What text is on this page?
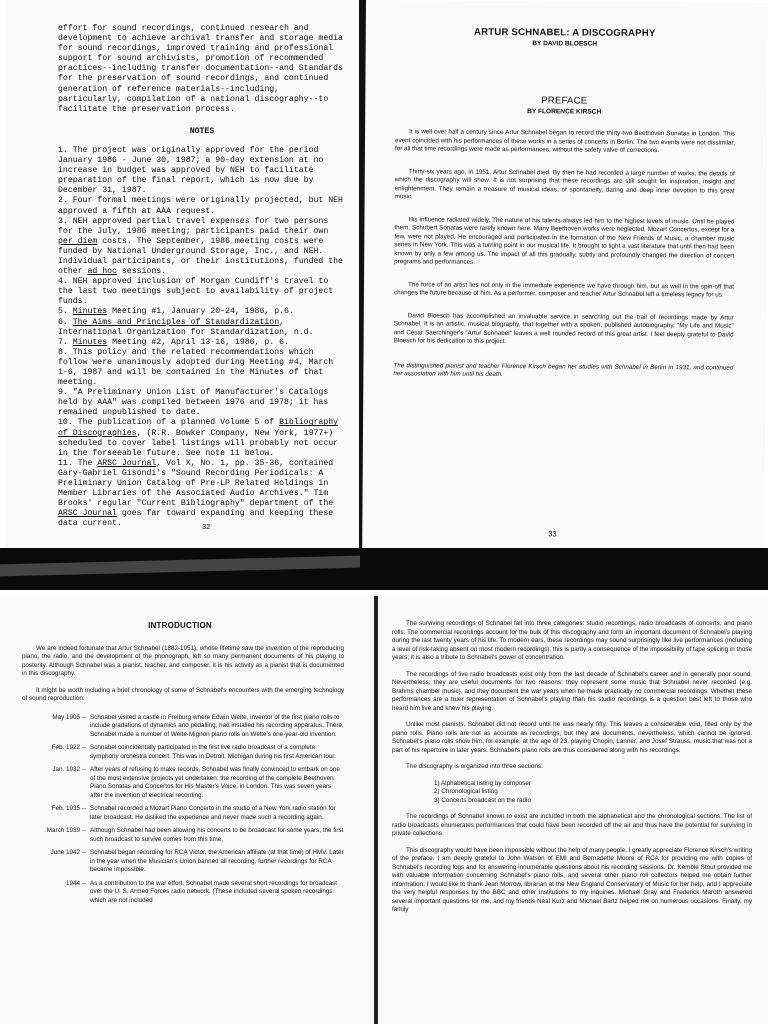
effort for sound recordings, continued research and development to achieve archival transfer and storage media for sound recordings, improved training and professional support for sound archivists, promotion of recommended practices--including transfer documentation--and Standards for the preservation of sound recordings, and continued generation of reference materials--including, particularly, compilation of a national discography--to facilitate the preservation process.

NOTES

1. The project was originally approved for the period January 1986 - June 30, 1987; a 90-day extension at no increase in budget was approved by NEH to facilitate preparation of the final report, which is now due by December 31, 1987.

2. Four formal meetings were originally projected, but NEH approved a fifth at AAA request.

3. NEH approved partial travel expenses for two persons for the July, 1986 meeting; participants paid their own per diem costs. The September, 1986 meeting costs were funded by National Underground Storage, Inc., and NEH. Individual participants, or their institutions, funded the other ad hoc sessions.

4. NEH approved inclusion of Morgan Cundiff's travel to the last two meetings subject to availability of project funds.

5. Minutes Meeting #1, January 20-24, 1986, p.6.

6. The Aims and Principles of Standardization, International Organization for Standardization, n.d.

7. Minutes Meeting #2, April 13-16, 1986, p. 6.

8. This policy and the related recommendations which follow were unanimously adopted during Meeting #4, March 1-6, 1987 and will be contained in the Minutes of that meeting.

9. "A Preliminary Union List of Manufacturer's Catalogs held by AAA" was compiled between 1976 and 1978; it has remained unpublished to date.

10. The publication of a planned Volume 5 of Bibliography of Discographies, (R.R. Bowker Company, New York, 1977+) scheduled to cover label listings will probably not occur in the forseeable future. See note 11 below.

11. The ARSC Journal, Vol X, No. 1, pp. 35-36, contained Gary-Gabriel Gisondi's "Sound Recording Periodicals: A Preliminary Union Catalog of Pre-LP Related Holdings in Member Libraries of the Associated Audio Archives." Tim Brooks' regular "Current Bibliography" department of the ARSC Journal goes far toward expanding and keeping these data current.	32
ARTUR SCHNABEL: A DISCOGRAPHY
BY DAVID BLOESCH
PREFACE
BY FLORENCE KIRSCH

It is well over half a century since Artur Schnabel began to record the thirty-two Beethoven Sonatas in London. This event coincided with his performances of these works in a series of concerts in Berlin. The two events were not dissimilar, for all that time recordings were made as performances, without the safety valve of corrections.

Thirty-six years ago, in 1951, Artur Schnabel died. By then he had recorded a large number of works, the details of which the discography will show. It is not surprising that these recordings are still sought for inspiration, insight and enlightenment. They remain a treasure of musical ideas, of spontaneity, daring and deep inner devotion to this great music.

His influence radiated widely. The nature of his talents always led him to the highest levels of music. Until he played them, Schubert Sonatas were rarely known here. Many Beethoven works were neglected. Mozart Concertos, except for a few, were not played. He encouraged and participated in the formation of the New Friends of Music, a chamber music series in New York. This was a turning point in our musical life. It brought to light a vast literature that until then had been known by only a few among us. The impact of all this gradually, subtly and profoundly changed the direction of concert programs and performances.

The force of an artist lies not only in the immediate experience we have through him, but as well in the spin-off that changes the future because of him. As a performer, composer and teacher Artur Schnabel left a timeless legacy for us.

David Bloesch has accomplished an invaluable service in searching out the trail of recordings made by Artur Schnabel. It is an artistic, musical biography, that together with a spoken, published autobiography, "My Life and Music" and César Saerchinger's "Artur Schnabel" leaves a well rounded record of this great artist. I feel deeply grateful to David Bloesch for his dedication to this project.

The distinguished pianist and teacher Florence Kirsch began her studies with Schnabel in Berlin in 1931, and continued her association with him until his death.

33
INTRODUCTION

We are indeed fortunate that Artur Schnabel (1882-1951), whose lifetime saw the invention of the reproducing piano, the radio, and the development of the phonograph, left so many permanent documents of his playing to posterity. Although Schnabel was a pianist, teacher, and composer, it is his activity as a pianist that is documented in this discography.

It might be worth including a brief chronology of some of Schnabel's encounters with the emerging technology of sound reproduction:

May 1905 -- Schnabel visited a castle in Freiburg where Edwin Welte, inventor of the first piano rolls to include gradations of dynamics and pedalling, had installed his recording apparatus. There, Schnabel made a number of Welte-Mignon piano rolls on Welte's one-year-old invention.
Feb. 1922 -- Schnabel coincidentally participated in the first live radio broadcast of a complete symphony orchestra concert. This was in Detroit, Michigan during his first American tour.
Jan. 1932 -- After years of refusing to make records, Schnabel was finally convinced to embark on one of the most extensive projects yet undertaken: the recording of the complete Beethoven Piano Sonatas and Concertos for His Master's Voice, in London. This was seven years after the invention of electrical recording.
Feb. 1935 -- Schnabel recorded a Mozart Piano Concerto in the studio of a New York radio station for later broadcast. He disliked the experience and never made such a recording again.
March 1939 -- Although Schnabel had been allowing his concerts to be broadcast for some years, the first such broadcast to survive comes from this time.
June 1942 -- Schnabel began recording for RCA Victor, the American affiliate (at that time) of HMV. Later in the year when the Musician's Union banned all recording, further recordings for RCA became impossible.
1944 -- As a contribution to the war effort, Schnabel made several short recordings for broadcast over the U. S. Armed Forces radio network. (These included several spoken recordings which are not included

The surviving recordings of Schnabel fall into three categories: studio recordings, radio broadcasts of concerts, and piano rolls. The commercial recordings account for the bulk of this discography and form an important document of Schnabel's playing during the last twenty years of his life. To modern ears, these recordings may sound surprisingly like live performances (including a level of risk-taking absent on most modern recordings); this is partly a consequence of the impossibility of tape splicing in those years; it is also a tribute to Schnabel's power of concentration.

The recordings of live radio broadcasts exist only from the last decade of Schnabel's career and in generally poor sound. Nevertheless, they are useful documents for two reasons: they represent some music that Schnabel never recorded (e.g. Brahms chamber music), and they document the war years when he made practically no commercial recordings. Whether these performances are a truer representation of Schnabel's playing than his studio recordings is a question best left to those who heard him live and knew his playing.

Unlike most pianists, Schnabel did not record until he was nearly fifty. This leaves a considerable void, filled only by the piano rolls. Piano rolls are not as accurate as recordings, but they are documents, nevertheless, which cannot be ignored. Schnabel's piano rolls show him, for example, at the age of 23, playing Chopin, Lanner, and Josef Strauss, music that was not a part of his repertoire in later years. Schnabel's piano rolls are thus considered along with his recordings.

The discography is organized into three sections:

1) Alphabetical listing by composer
2) Chronological listing
3) Concerts broadcast on the radio

The recordings of Schnabel known to exist are included in both the alphabetical and the chronological sections. The list of radio broadcasts enumerates performances that could have been recorded off the air and thus have the potential for surviving in private collections.

This discography would have been impossible without the help of many people. I greatly appreciate Florence Kirsch's writing of the preface. I am deeply grateful to John Watson of EMI and Bernadette Moore of RCA for providing me with copies of Schnabel's recording logs and for answering innumerable questions about his recording sessions. Dr. Kemble Stout provided me with valuable information concerning Schnabel's piano rolls, and several other piano roll collectors helped me obtain further information. I would like to thank Jean Morrow, librarian at the New England Conservatory of Music for her help, and I appreciate the very helpful responses by the BBC and other institutions to my inquiries. Michael Gray and Frederick Maroth answered several important questions for me, and my friends Neal Kurz and Michael Bartz helped me on numerous occasions. Finally, my family
